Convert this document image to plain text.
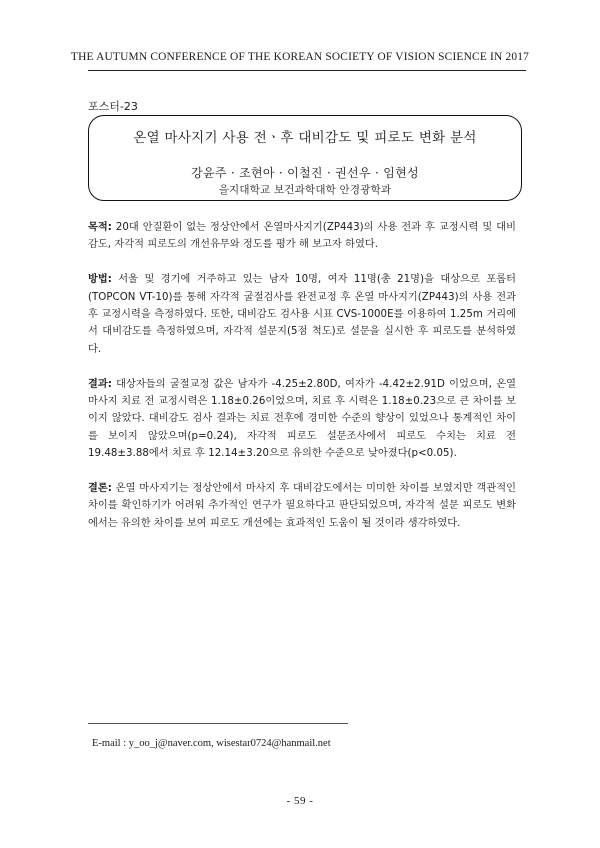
THE AUTUMN CONFERENCE OF THE KOREAN SOCIETY OF VISION SCIENCE IN 2017
포스터-23
온열 마사지기 사용 전ㆍ후 대비감도 및 피로도 변화 분석
강윤주 · 조현아 · 이철진 · 권선우 · 임현성
을지대학교 보건과학대학 안경광학과

목적: 20대 안질환이 없는 정상안에서 온열마사지기(ZP443)의 사용 전과 후 교정시력 및 대비감도, 자각적 피로도의 개선유무와 정도를 평가 해 보고자 하였다.

방법: 서울 및 경기에 거주하고 있는 남자 10명, 여자 11명(총 21명)을 대상으로 포롭터(TOPCON VT-10)를 통해 자각적 굴절검사를 완전교정 후 온열 마사지기(ZP443)의 사용 전과 후 교정시력을 측정하였다. 또한, 대비감도 검사용 시표 CVS-1000E를 이용하여 1.25m 거리에서 대비감도를 측정하였으며, 자각적 설문지(5점 척도)로 설문을 실시한 후 피로도를 분석하였다.

결과: 대상자들의 굴절교정 값은 남자가 -4.25±2.80D, 여자가 -4.42±2.91D 이었으며, 온열마사지 치료 전 교정시력은 1.18±0.26이었으며, 치료 후 시력은 1.18±0.23으로 큰 차이를 보이지 않았다. 대비감도 검사 결과는 치료 전후에 경미한 수준의 향상이 있었으나 통계적인 차이를 보이지 않았으며(p=0.24), 자각적 피로도 설문조사에서 피로도 수치는 치료 전 19.48±3.88에서 치료 후 12.14±3.20으로 유의한 수준으로 낮아졌다(p<0.05).

결론: 온열 마사지기는 정상안에서 마사지 후 대비감도에서는 미미한 차이를 보였지만 객관적인 차이를 확인하기가 어려워 추가적인 연구가 필요하다고 판단되었으며, 자각적 설문 피로도 변화에서는 유의한 차이를 보여 피로도 개선에는 효과적인 도움이 될 것이라 생각하였다.

E-mail : y_oo_j@naver.com, wisestar0724@hanmail.net
- 59 -
